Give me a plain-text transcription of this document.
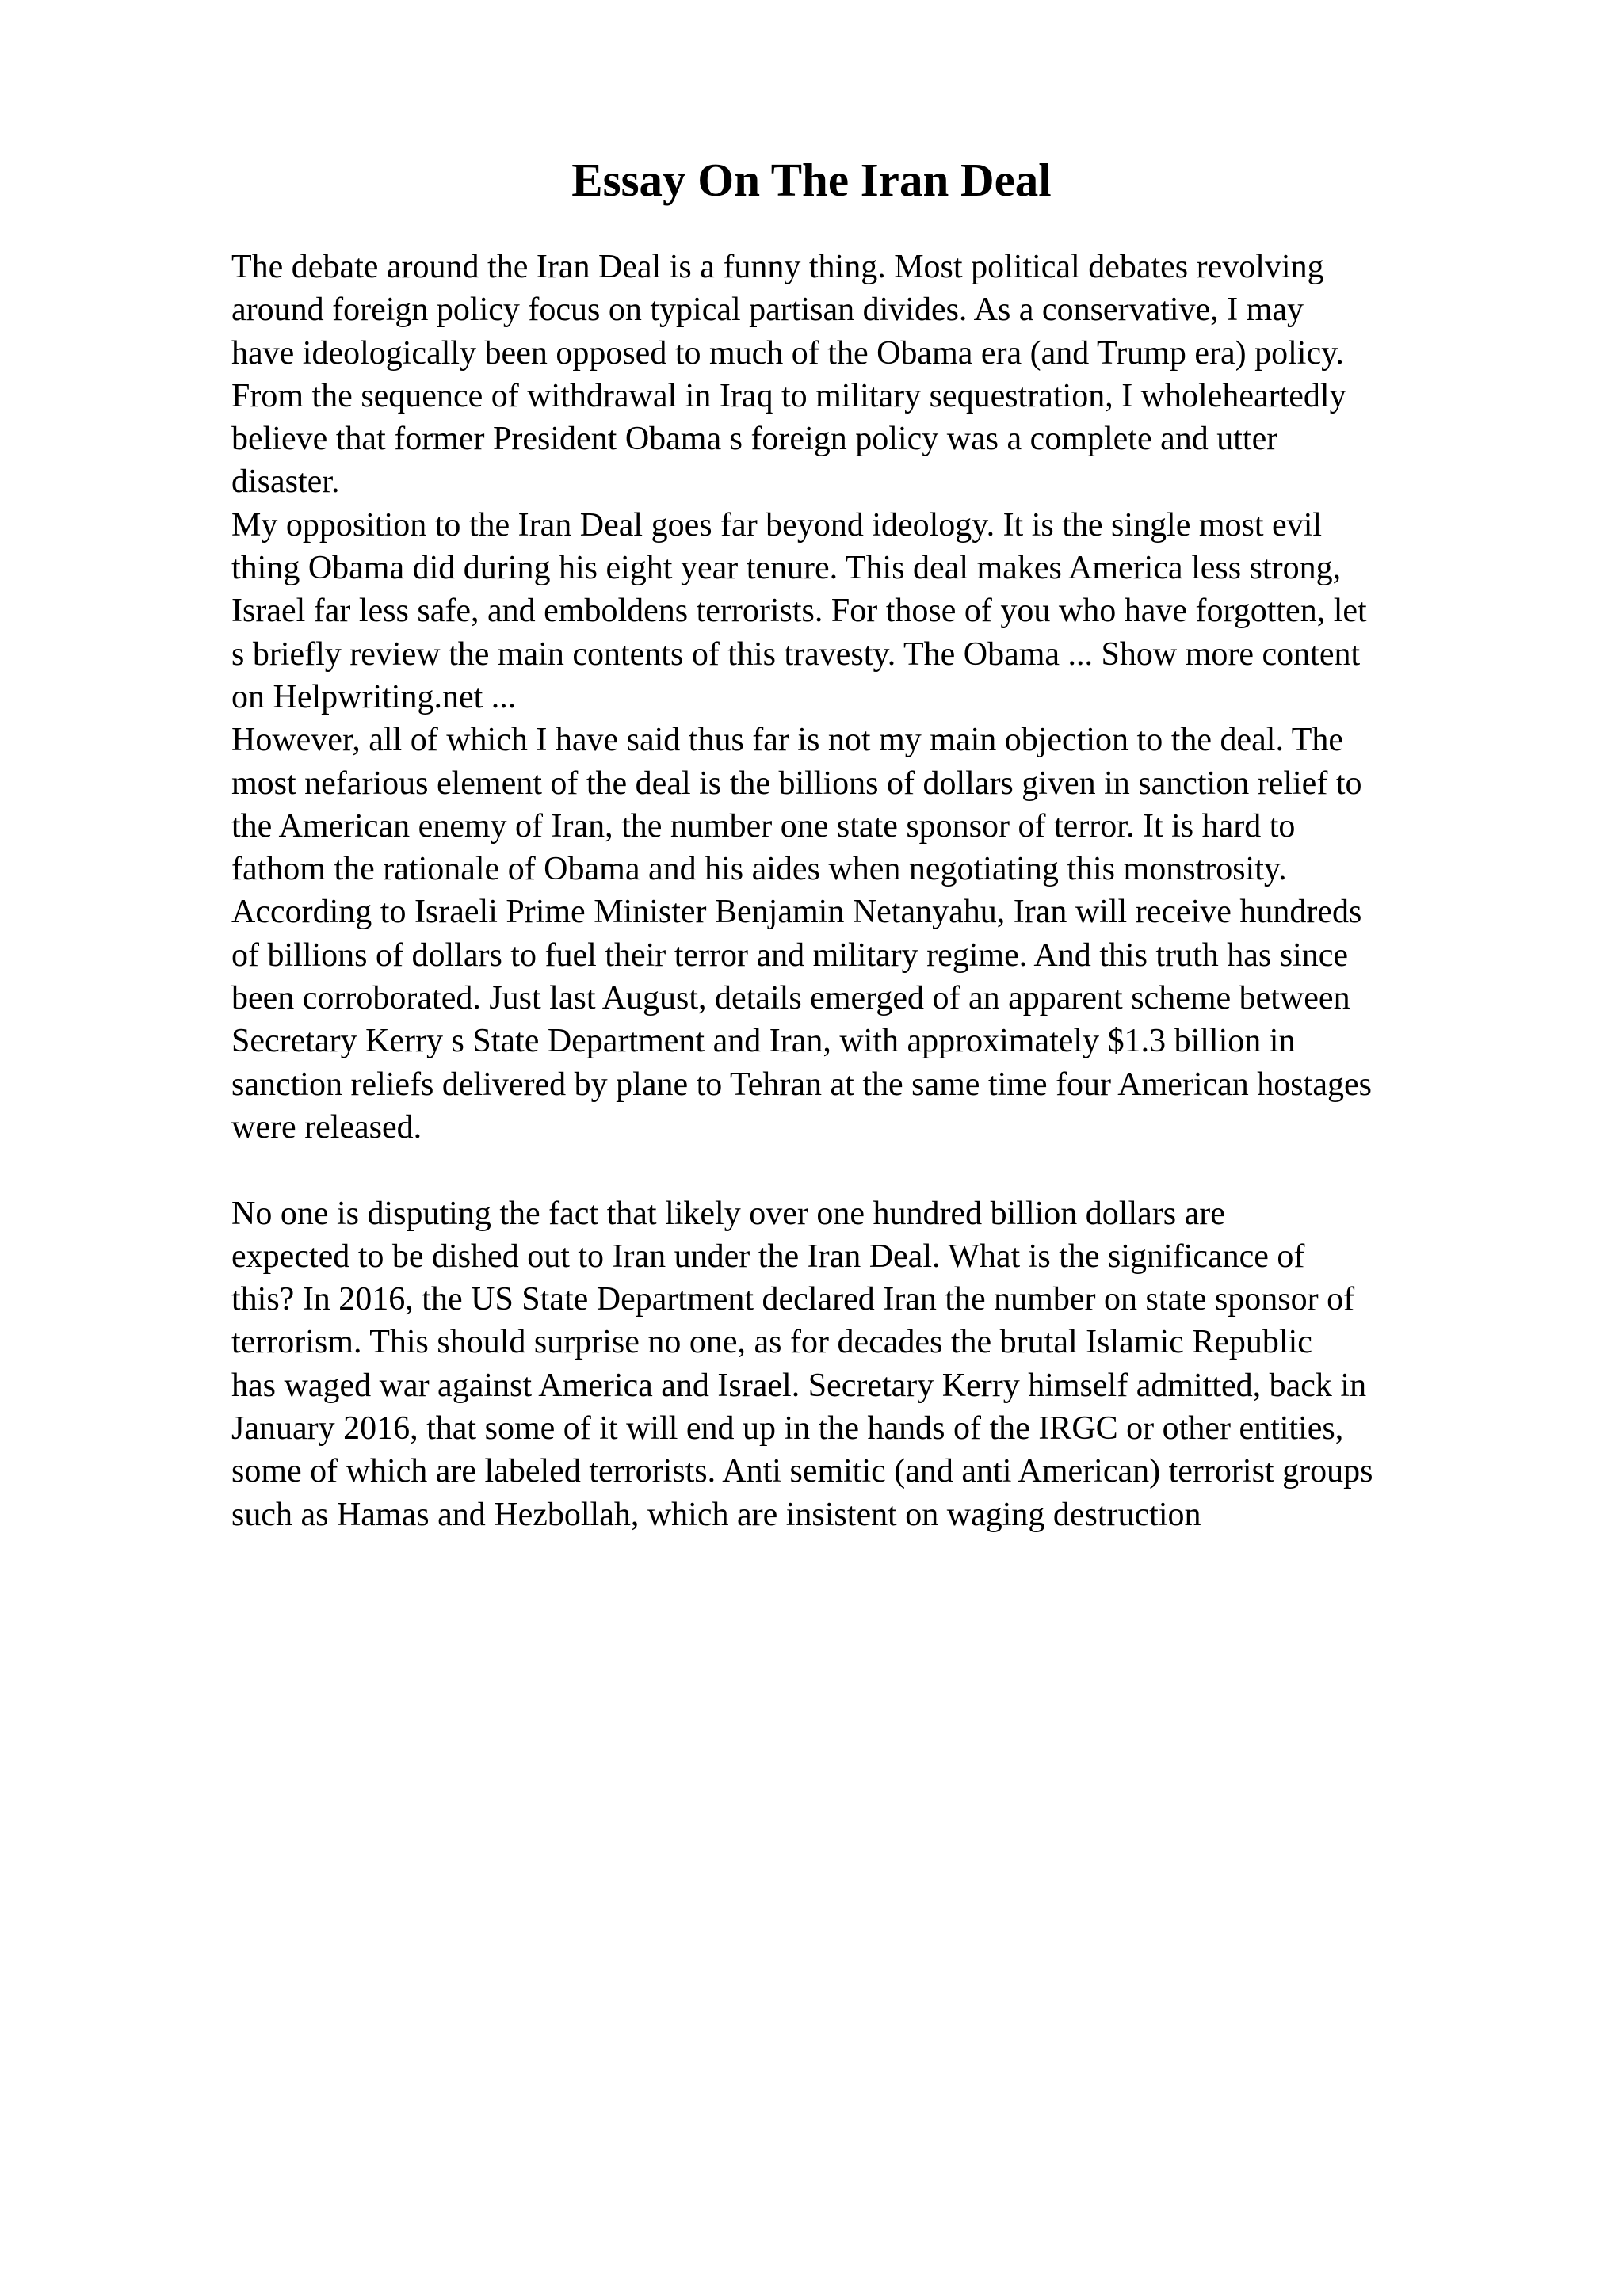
Essay On The Iran Deal
The debate around the Iran Deal is a funny thing. Most political debates revolving
around foreign policy focus on typical partisan divides. As a conservative, I may
have ideologically been opposed to much of the Obama era (and Trump era) policy.
From the sequence of withdrawal in Iraq to military sequestration, I wholeheartedly
believe that former President Obama s foreign policy was a complete and utter
disaster.
My opposition to the Iran Deal goes far beyond ideology. It is the single most evil
thing Obama did during his eight year tenure. This deal makes America less strong,
Israel far less safe, and emboldens terrorists. For those of you who have forgotten, let
s briefly review the main contents of this travesty. The Obama ... Show more content
on Helpwriting.net ...
However, all of which I have said thus far is not my main objection to the deal. The
most nefarious element of the deal is the billions of dollars given in sanction relief to
the American enemy of Iran, the number one state sponsor of terror. It is hard to
fathom the rationale of Obama and his aides when negotiating this monstrosity.
According to Israeli Prime Minister Benjamin Netanyahu, Iran will receive hundreds
of billions of dollars to fuel their terror and military regime. And this truth has since
been corroborated. Just last August, details emerged of an apparent scheme between
Secretary Kerry s State Department and Iran, with approximately $1.3 billion in
sanction reliefs delivered by plane to Tehran at the same time four American hostages
were released.
No one is disputing the fact that likely over one hundred billion dollars are
expected to be dished out to Iran under the Iran Deal. What is the significance of
this? In 2016, the US State Department declared Iran the number on state sponsor of
terrorism. This should surprise no one, as for decades the brutal Islamic Republic
has waged war against America and Israel. Secretary Kerry himself admitted, back in
January 2016, that some of it will end up in the hands of the IRGC or other entities,
some of which are labeled terrorists. Anti semitic (and anti American) terrorist groups
such as Hamas and Hezbollah, which are insistent on waging destruction
